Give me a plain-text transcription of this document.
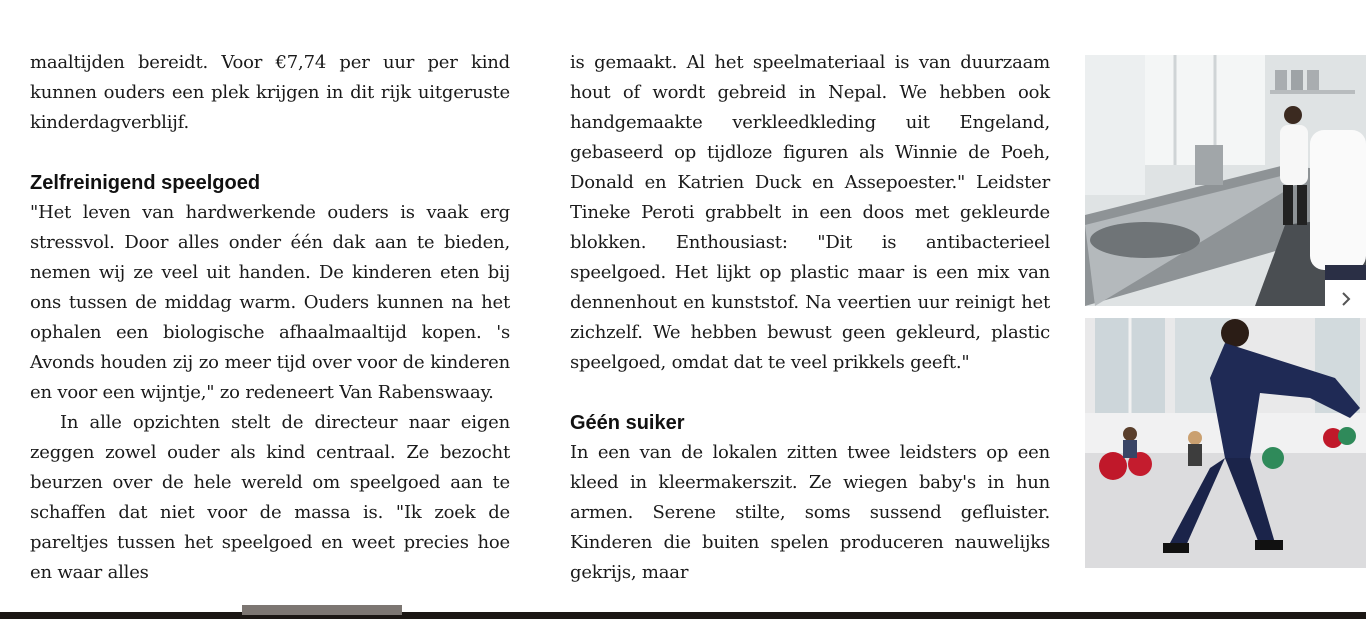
maaltijden bereidt. Voor €7,74 per uur per kind kunnen ouders een plek krijgen in dit rijk uitgeruste kinderdagverblijf.

Zelfreinigend speelgoed

"Het leven van hardwerkende ouders is vaak erg stressvol. Door alles onder één dak aan te bieden, nemen wij ze veel uit handen. De kinderen eten bij ons tussen de middag warm. Ouders kunnen na het ophalen een biologische afhaalmaaltijd kopen. 's Avonds houden zij zo meer tijd over voor de kinderen en voor een wijntje," zo redeneert Van Rabenswaay.

In alle opzichten stelt de directeur naar eigen zeggen zowel ouder als kind centraal. Ze bezocht beurzen over de hele wereld om speelgoed aan te schaffen dat niet voor de massa is. "Ik zoek de pareltjes tussen het speelgoed en weet precies hoe en waar alles

is gemaakt. Al het speelmateriaal is van duurzaam hout of wordt gebreid in Nepal. We hebben ook handgemaakte verkleedkleding uit Engeland, gebaseerd op tijdloze figuren als Winnie de Poeh, Donald en Katrien Duck en Assepoester." Leidster Tineke Peroti grabbelt in een doos met gekleurde blokken. Enthousiast: "Dit is antibacterieel speelgoed. Het lijkt op plastic maar is een mix van dennenhout en kunststof. Na veertien uur reinigt het zichzelf. We hebben bewust geen gekleurd, plastic speelgoed, omdat dat te veel prikkels geeft."

Géén suiker

In een van de lokalen zitten twee leidsters op een kleed in kleermakerszit. Ze wiegen baby's in hun armen. Serene stilte, soms sussend gefluister. Kinderen die buiten spelen produceren nauwelijks gekrijs, maar
